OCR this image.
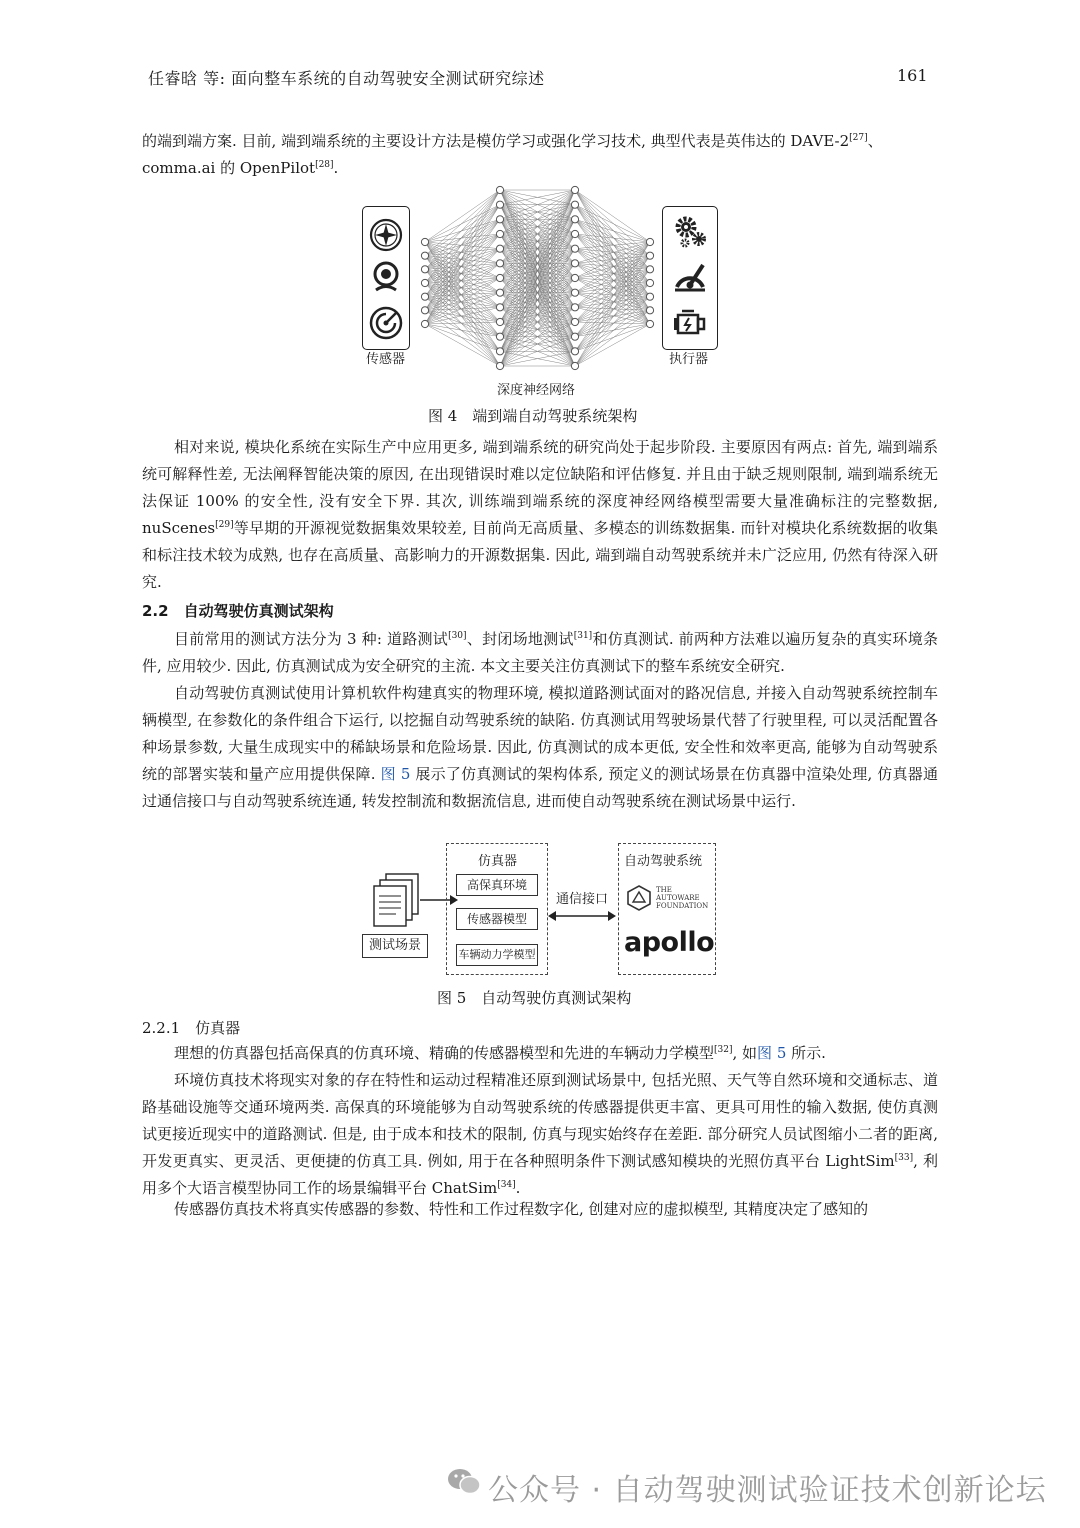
任睿晗 等: 面向整车系统的自动驾驶安全测试研究综述	161
的端到端方案. 目前, 端到端系统的主要设计方法是模仿学习或强化学习技术, 典型代表是英伟达的 DAVE-2[27]、
comma.ai 的 OpenPilot[28].
传感器
深度神经网络
执行器
图 4　端到端自动驾驶系统架构
相对来说, 模块化系统在实际生产中应用更多, 端到端系统的研究尚处于起步阶段. 主要原因有两点: 首先, 端到端系统可解释性差, 无法阐释智能决策的原因, 在出现错误时难以定位缺陷和评估修复. 并且由于缺乏规则限制, 端到端系统无法保证 100% 的安全性, 没有安全下界. 其次, 训练端到端系统的深度神经网络模型需要大量准确标注的完整数据, nuScenes[29]等早期的开源视觉数据集效果较差, 目前尚无高质量、多模态的训练数据集. 而针对模块化系统数据的收集和标注技术较为成熟, 也存在高质量、高影响力的开源数据集. 因此, 端到端自动驾驶系统并未广泛应用, 仍然有待深入研究.
2.2　自动驾驶仿真测试架构
目前常用的测试方法分为 3 种: 道路测试[30]、封闭场地测试[31]和仿真测试. 前两种方法难以遍历复杂的真实环境条件, 应用较少. 因此, 仿真测试成为安全研究的主流. 本文主要关注仿真测试下的整车系统安全研究.
自动驾驶仿真测试使用计算机软件构建真实的物理环境, 模拟道路测试面对的路况信息, 并接入自动驾驶系统控制车辆模型, 在参数化的条件组合下运行, 以挖掘自动驾驶系统的缺陷. 仿真测试用驾驶场景代替了行驶里程, 可以灵活配置各种场景参数, 大量生成现实中的稀缺场景和危险场景. 因此, 仿真测试的成本更低, 安全性和效率更高, 能够为自动驾驶系统的部署实装和量产应用提供保障. 图 5 展示了仿真测试的架构体系, 预定义的测试场景在仿真器中渲染处理, 仿真器通过通信接口与自动驾驶系统连通, 转发控制流和数据流信息, 进而使自动驾驶系统在测试场景中运行.
测试场景
仿真器
高保真环境
传感器模型
车辆动力学模型
通信接口
自动驾驶系统
THE AUTOWARE FOUNDATION
apollo
图 5　自动驾驶仿真测试架构
2.2.1　仿真器
理想的仿真器包括高保真的仿真环境、精确的传感器模型和先进的车辆动力学模型[32], 如图 5 所示.
环境仿真技术将现实对象的存在特性和运动过程精准还原到测试场景中, 包括光照、天气等自然环境和交通标志、道路基础设施等交通环境两类. 高保真的环境能够为自动驾驶系统的传感器提供更丰富、更具可用性的输入数据, 使仿真测试更接近现实中的道路测试. 但是, 由于成本和技术的限制, 仿真与现实始终存在差距. 部分研究人员试图缩小二者的距离, 开发更真实、更灵活、更便捷的仿真工具. 例如, 用于在各种照明条件下测试感知模块的光照仿真平台 LightSim[33], 利用多个大语言模型协同工作的场景编辑平台 ChatSim[34].
传感器仿真技术将真实传感器的参数、特性和工作过程数字化, 创建对应的虚拟模型, 其精度决定了感知的
公众号 · 自动驾驶测试验证技术创新论坛
